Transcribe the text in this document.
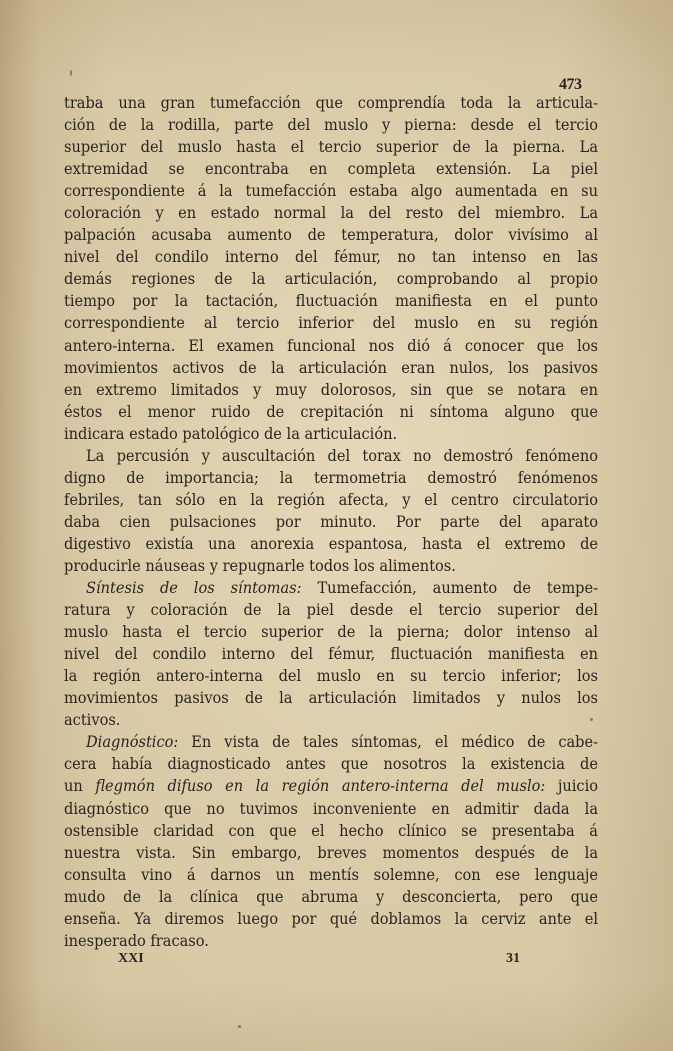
473
traba una gran tumefacción que comprendía toda la articula-
ción de la rodilla, parte del muslo y pierna: desde el tercio
superior del muslo hasta el tercio superior de la pierna. La
extremidad se encontraba en completa extensión. La piel
correspondiente á la tumefacción estaba algo aumentada en su
coloración y en estado normal la del resto del miembro. La
palpación acusaba aumento de temperatura, dolor vivísimo al
nivel del condilo interno del fémur, no tan intenso en las
demás regiones de la articulación, comprobando al propio
tiempo por la tactación, fluctuación manifiesta en el punto
correspondiente al tercio inferior del muslo en su región
antero-interna. El examen funcional nos dió á conocer que los
movimientos activos de la articulación eran nulos, los pasivos
en extremo limitados y muy dolorosos, sin que se notara en
éstos el menor ruido de crepitación ni síntoma alguno que
indicara estado patológico de la articulación.
La percusión y auscultación del torax no demostró fenómeno
digno de importancia; la termometria demostró fenómenos
febriles, tan sólo en la región afecta, y el centro circulatorio
daba cien pulsaciones por minuto. Por parte del aparato
digestivo existía una anorexia espantosa, hasta el extremo de
producirle náuseas y repugnarle todos los alimentos.
Síntesis de los síntomas: Tumefacción, aumento de tempe-
ratura y coloración de la piel desde el tercio superior del
muslo hasta el tercio superior de la pierna; dolor intenso al
nivel del condilo interno del fémur, fluctuación manifiesta en
la región antero-interna del muslo en su tercio inferior; los
movimientos pasivos de la articulación limitados y nulos los
activos.
Diagnóstico: En vista de tales síntomas, el médico de cabe-
cera había diagnosticado antes que nosotros la existencia de
un flegmón difuso en la región antero-interna del muslo: juicio
diagnóstico que no tuvimos inconveniente en admitir dada la
ostensible claridad con que el hecho clínico se presentaba á
nuestra vista. Sin embargo, breves momentos después de la
consulta vino á darnos un mentís solemne, con ese lenguaje
mudo de la clínica que abruma y desconcierta, pero que
enseña. Ya diremos luego por qué doblamos la cerviz ante el
inesperado fracaso.
XXI	31
